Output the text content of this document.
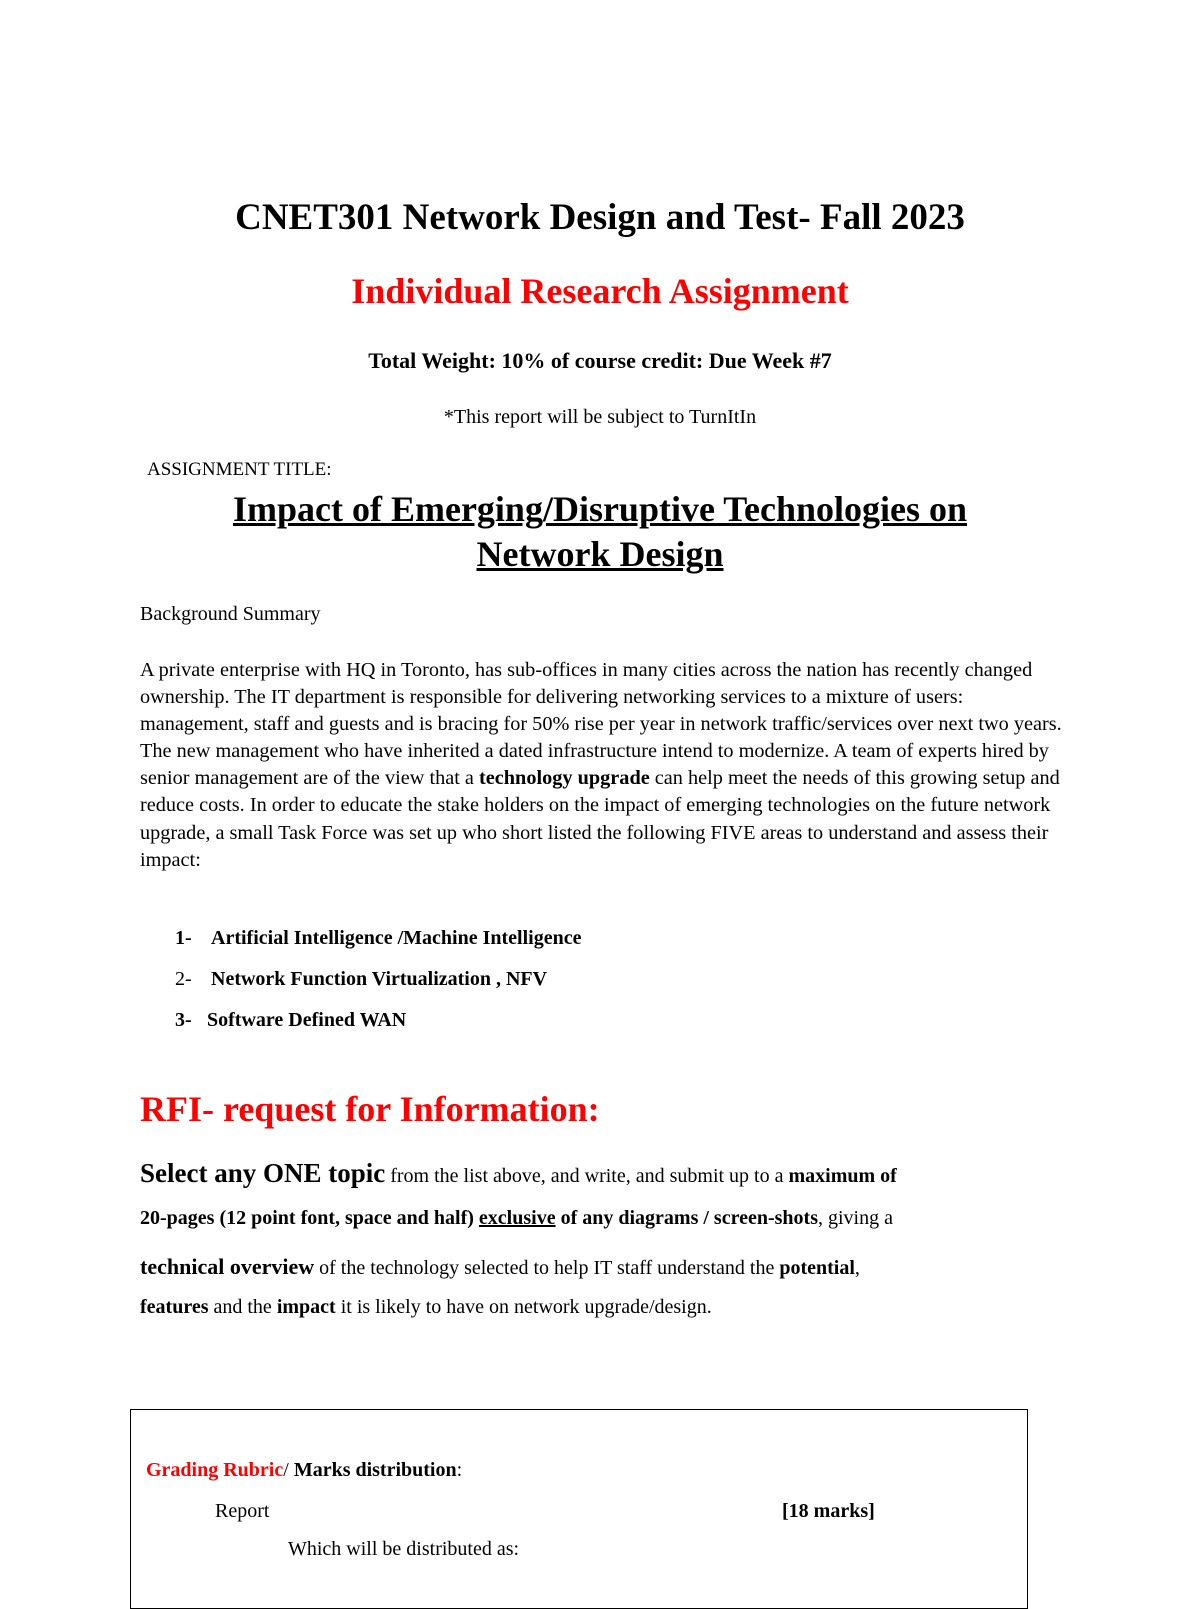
CNET301 Network Design and Test- Fall 2023
Individual Research Assignment
Total Weight: 10% of course credit: Due Week #7
*This report will be subject to TurnItIn
ASSIGNMENT TITLE:
Impact of Emerging/Disruptive Technologies on
Network Design
Background Summary
A private enterprise with HQ in Toronto, has sub-offices in many cities across the nation has recently changed ownership. The IT department is responsible for delivering networking services to a mixture of users: management, staff and guests and is bracing for 50% rise per year in network traffic/services over next two years. The new management who have inherited a dated infrastructure intend to modernize. A team of experts hired by senior management are of the view that a technology upgrade can help meet the needs of this growing setup and reduce costs. In order to educate the stake holders on the impact of emerging technologies on the future network upgrade, a small Task Force was set up who short listed the following FIVE areas to understand and assess their impact:
1- Artificial Intelligence /Machine Intelligence
2- Network Function Virtualization , NFV
3- Software Defined WAN
RFI- request for Information:
Select any ONE topic from the list above, and write, and submit up to a maximum of
20-pages (12 point font, space and half) exclusive of any diagrams / screen-shots, giving a
technical overview of the technology selected to help IT staff understand the potential,
features and the impact it is likely to have on network upgrade/design.
Grading Rubric/ Marks distribution:
Report	[18 marks]
Which will be distributed as:
